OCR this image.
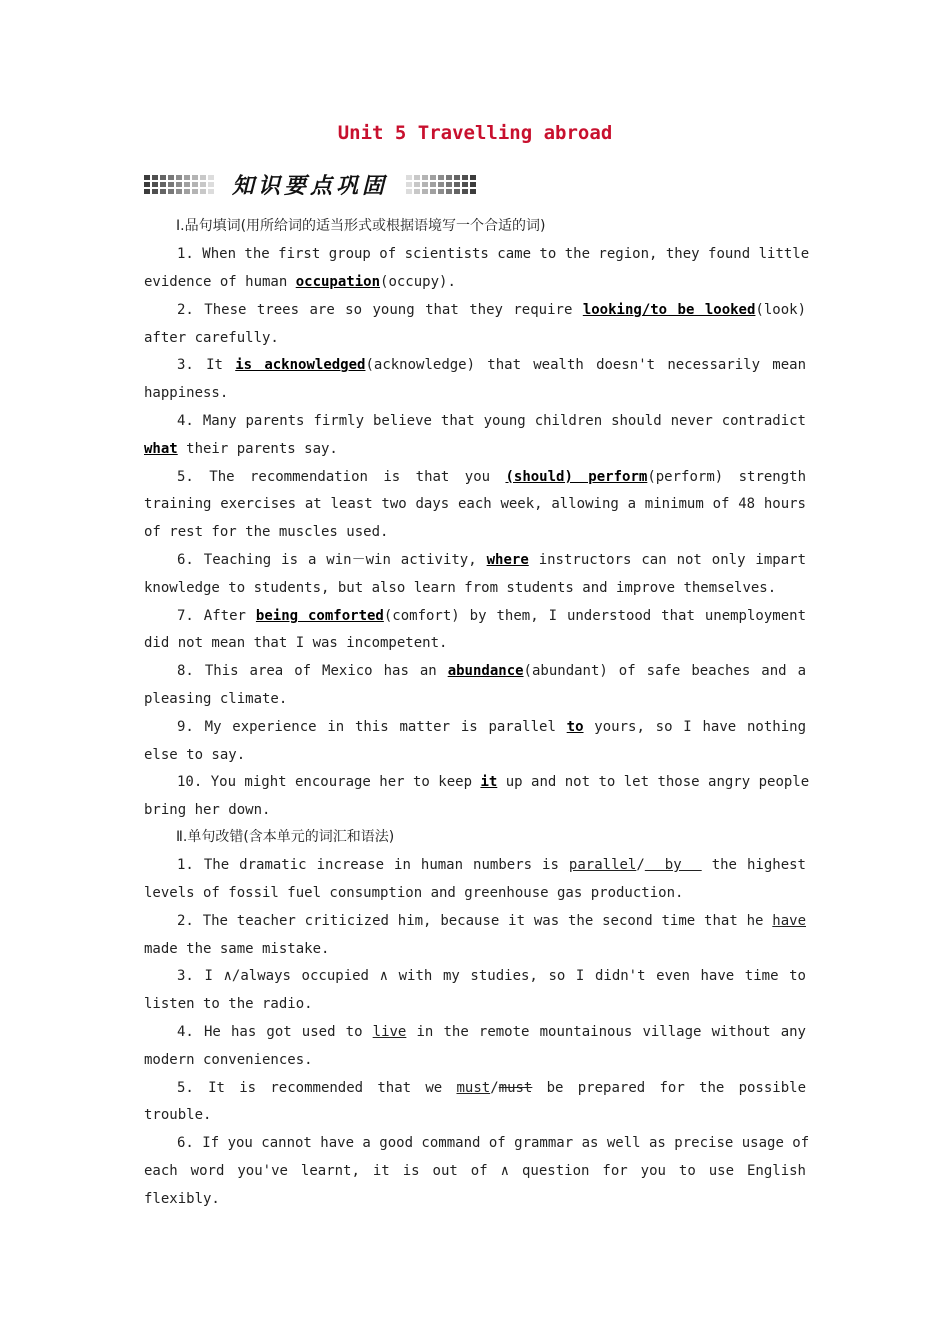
Unit 5 Travelling abroad
知识要点巩固
Ⅰ.品句填词(用所给词的适当形式或根据语境写一个合适的词)
1. When the first group of scientists came to the region, they found little
evidence of human occupation(occupy).
2. These trees are so young that they require looking/to be looked(look)
after carefully.
3. It is acknowledged(acknowledge) that wealth doesn't necessarily mean
happiness.
4. Many parents firmly believe that young children should never contradict
what their parents say.
5. The recommendation is that you (should) perform(perform) strength
training exercises at least two days each week, allowing a minimum of 48 hours
of rest for the muscles used.
6. Teaching is a win－win activity, where instructors can not only impart
knowledge to students, but also learn from students and improve themselves.
7. After being comforted(comfort) by them, I understood that unemployment
did not mean that I was incompetent.
8. This area of Mexico has an abundance(abundant) of safe beaches and a
pleasing climate.
9. My experience in this matter is parallel to yours, so I have nothing
else to say.
10. You might encourage her to keep it up and not to let those angry people
bring her down.
Ⅱ.单句改错(含本单元的词汇和语法)
1. The dramatic increase in human numbers is parallel/  by   the highest
levels of fossil fuel consumption and greenhouse gas production.
2. The teacher criticized him, because it was the second time that he have
made the same mistake.
3. I ∧/always occupied ∧ with my studies, so I didn't even have time to
listen to the radio.
4. He has got used to live in the remote mountainous village without any
modern conveniences.
5. It is recommended that we must/must be prepared for the possible
trouble.
6. If you cannot have a good command of grammar as well as precise usage of
each word you've learnt, it is out of ∧ question for you to use English
flexibly.
